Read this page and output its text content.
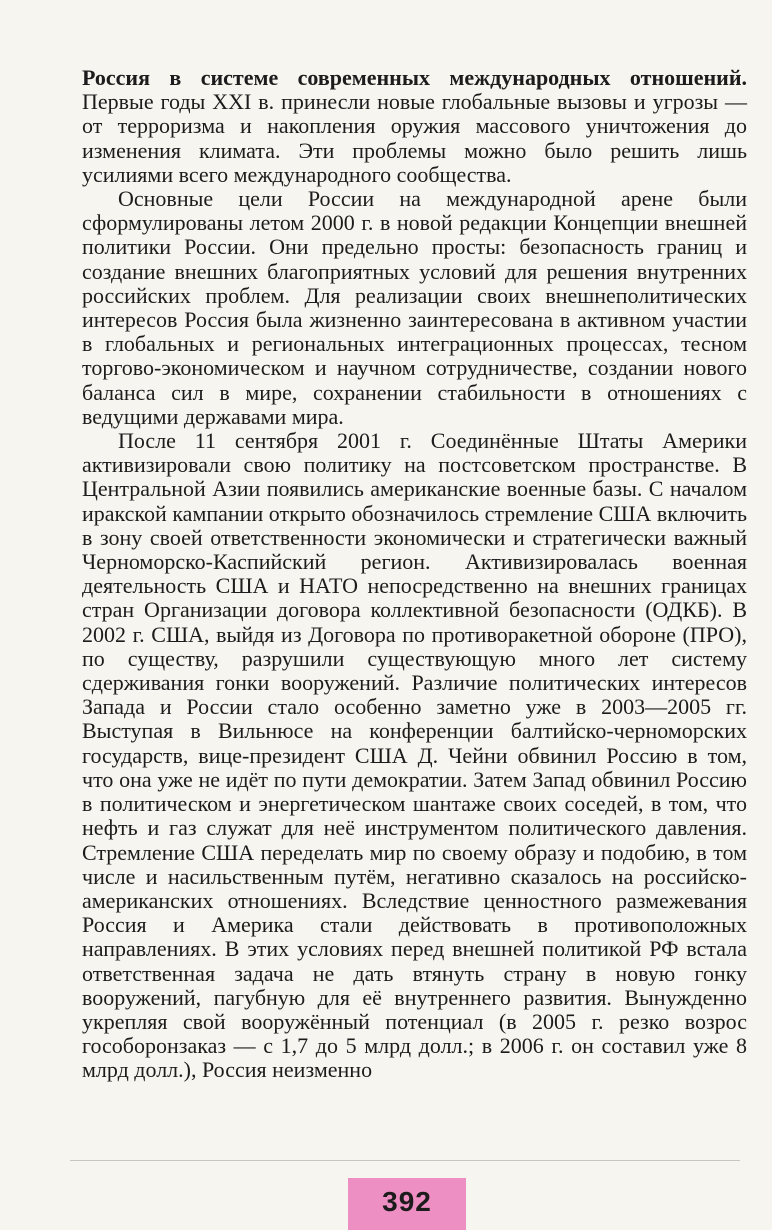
Россия в системе современных международных отношений. Первые годы XXI в. принесли новые глобальные вызовы и угрозы — от терроризма и накопления оружия массового уничтожения до изменения климата. Эти проблемы можно было решить лишь усилиями всего международного сообщества.

Основные цели России на международной арене были сформулированы летом 2000 г. в новой редакции Концепции внешней политики России. Они предельно просты: безопасность границ и создание внешних благоприятных условий для решения внутренних российских проблем. Для реализации своих внешнеполитических интересов Россия была жизненно заинтересована в активном участии в глобальных и региональных интеграционных процессах, тесном торгово-экономическом и научном сотрудничестве, создании нового баланса сил в мире, сохранении стабильности в отношениях с ведущими державами мира.

После 11 сентября 2001 г. Соединённые Штаты Америки активизировали свою политику на постсоветском пространстве. В Центральной Азии появились американские военные базы. С началом иракской кампании открыто обозначилось стремление США включить в зону своей ответственности экономически и стратегически важный Черноморско-Каспийский регион. Активизировалась военная деятельность США и НАТО непосредственно на внешних границах стран Организации договора коллективной безопасности (ОДКБ). В 2002 г. США, выйдя из Договора по противоракетной обороне (ПРО), по существу, разрушили существующую много лет систему сдерживания гонки вооружений. Различие политических интересов Запада и России стало особенно заметно уже в 2003—2005 гг. Выступая в Вильнюсе на конференции балтийско-черноморских государств, вице-президент США Д. Чейни обвинил Россию в том, что она уже не идёт по пути демократии. Затем Запад обвинил Россию в политическом и энергетическом шантаже своих соседей, в том, что нефть и газ служат для неё инструментом политического давления. Стремление США переделать мир по своему образу и подобию, в том числе и насильственным путём, негативно сказалось на российско-американских отношениях. Вследствие ценностного размежевания Россия и Америка стали действовать в противоположных направлениях. В этих условиях перед внешней политикой РФ встала ответственная задача не дать втянуть страну в новую гонку вооружений, пагубную для её внутреннего развития. Вынужденно укрепляя свой вооружённый потенциал (в 2005 г. резко возрос гособоронзаказ — с 1,7 до 5 млрд долл.; в 2006 г. он составил уже 8 млрд долл.), Россия неизменно

392
